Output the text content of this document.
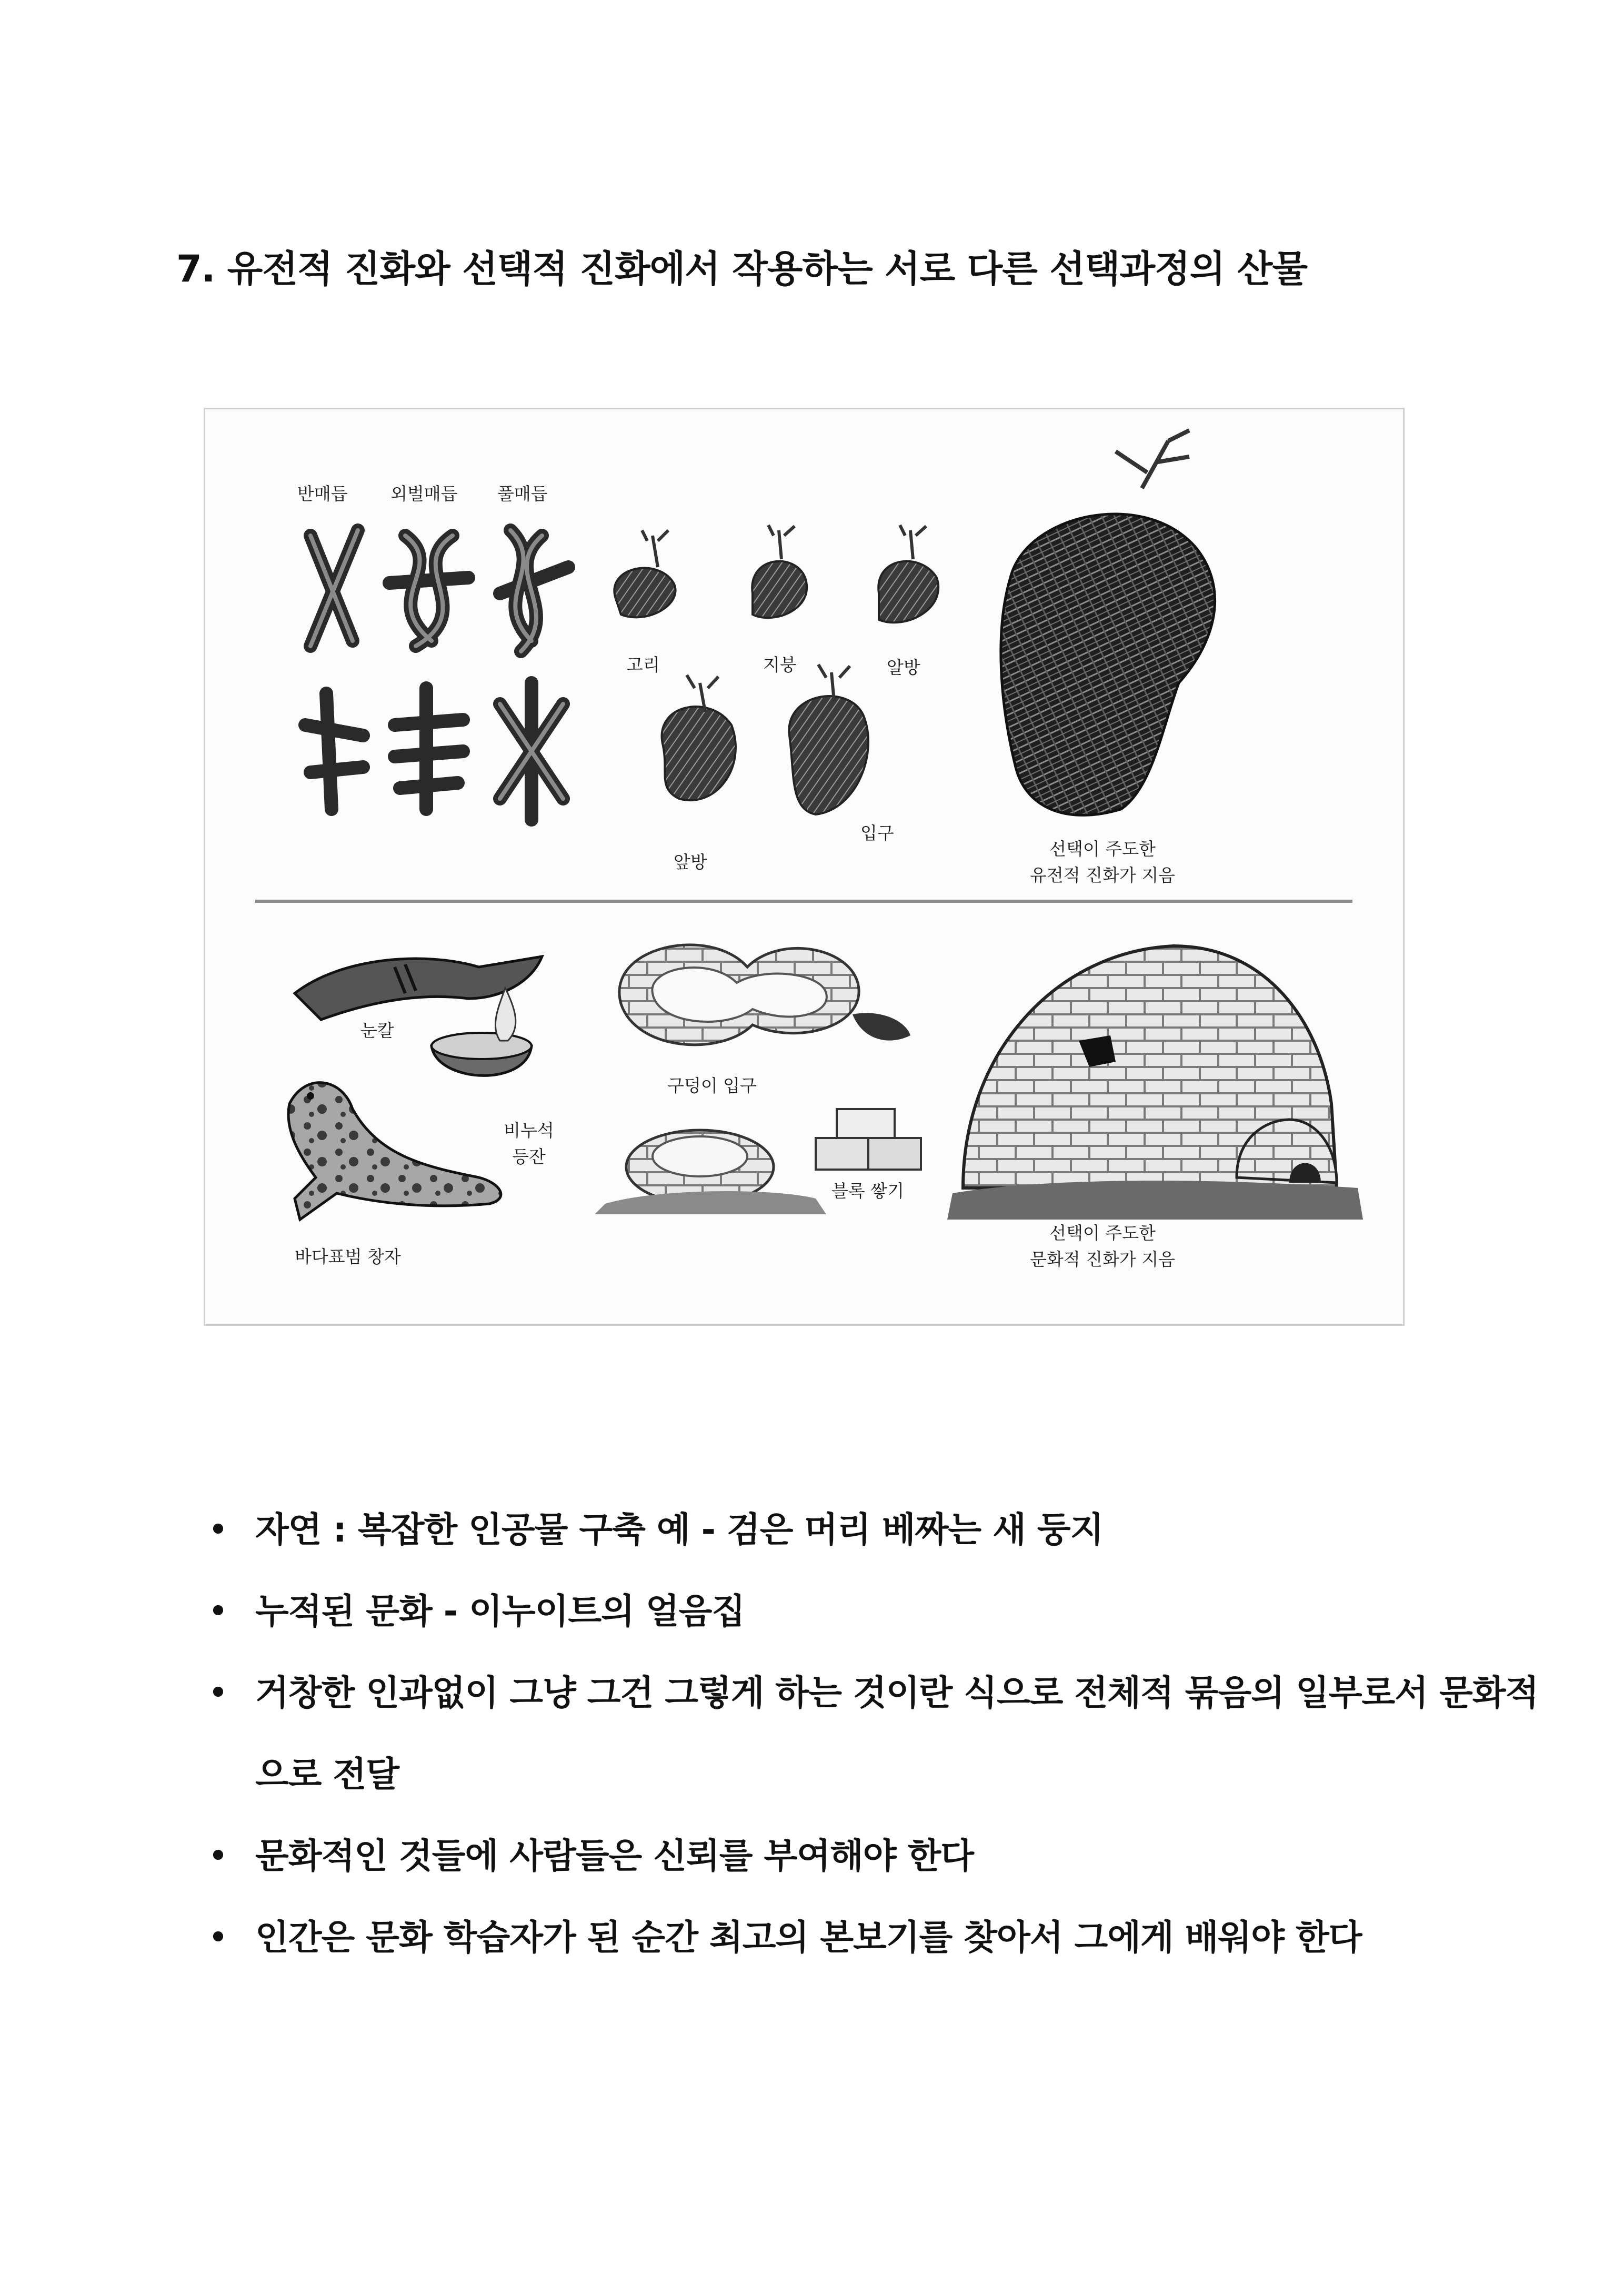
7. 유전적 진화와 선택적 진화에서 작용하는 서로 다른 선택과정의 산물
반매듭 외벌매듭 풀매듭
고리	지붕	알방
앞방
입구
선택이 주도한
유전적 진화가 지음
눈칼
비누석
등잔
바다표범 창자
구덩이 입구
블록 쌓기
선택이 주도한
문화적 진화가 지음
• 자연 : 복잡한 인공물 구축 예 - 검은 머리 베짜는 새 둥지
• 누적된 문화 - 이누이트의 얼음집
• 거창한 인과없이 그냥 그건 그렇게 하는 것이란 식으로 전체적 묶음의 일부로서 문화적으로 전달
• 문화적인 것들에 사람들은 신뢰를 부여해야 한다
• 인간은 문화 학습자가 된 순간 최고의 본보기를 찾아서 그에게 배워야 한다
